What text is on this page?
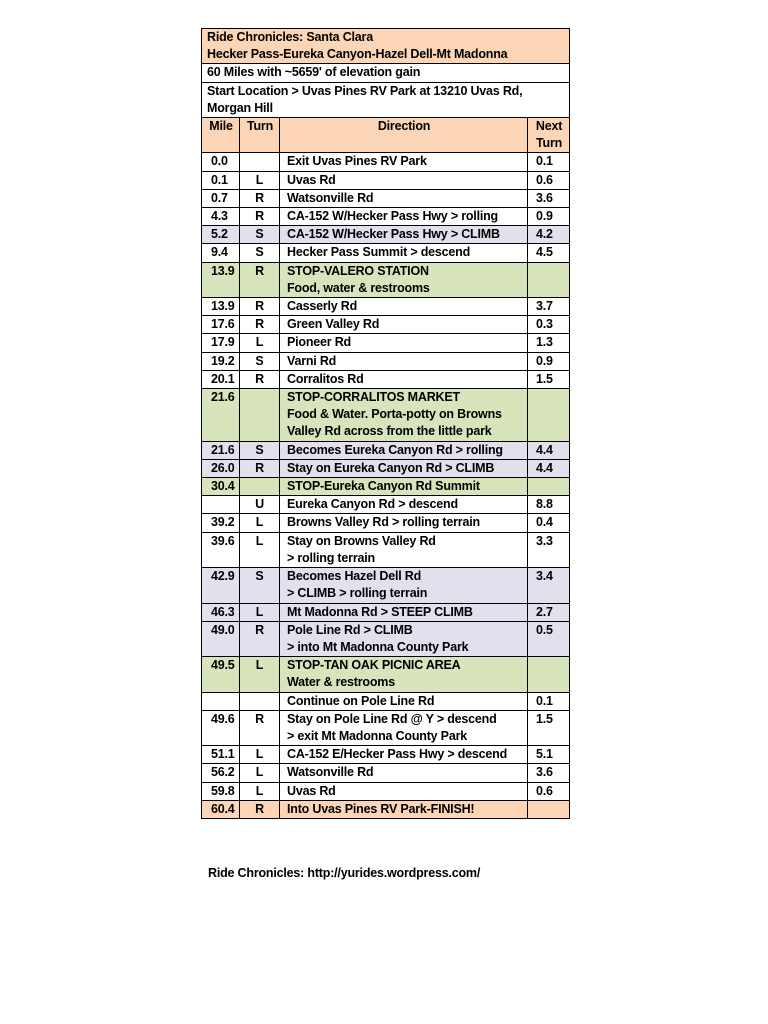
Ride Chronicles: Santa Clara
Hecker Pass-Eureka Canyon-Hazel Dell-Mt Madonna			

60 Miles with ~5659' of elevation gain			

Start Location > Uvas Pines RV Park at 13210 Uvas Rd,
Morgan Hill			

Mile	Turn	Direction	Next
Turn

0.0		Exit Uvas Pines RV Park	0.1
0.1	L	Uvas Rd	0.6
0.7	R	Watsonville Rd	3.6
4.3	R	CA-152 W/Hecker Pass Hwy > rolling	0.9
5.2	S	CA-152 W/Hecker Pass Hwy > CLIMB	4.2
9.4	S	Hecker Pass Summit > descend	4.5
13.9	R	STOP-VALERO STATION
Food, water & restrooms	

13.9	R	Casserly Rd	3.7
17.6	R	Green Valley Rd	0.3
17.9	L	Pioneer Rd	1.3
19.2	S	Varni Rd	0.9
20.1	R	Corralitos Rd	1.5
21.6		STOP-CORRALITOS MARKET
Food & Water. Porta-potty on Browns
Valley Rd across from the little park	

21.6	S	Becomes Eureka Canyon Rd > rolling	4.4
26.0	R	Stay on Eureka Canyon Rd > CLIMB	4.4
30.4		STOP-Eureka Canyon Rd Summit	

	U	Eureka Canyon Rd > descend	8.8
39.2	L	Browns Valley Rd > rolling terrain	0.4
39.6	L	Stay on Browns Valley Rd
> rolling terrain	3.3
42.9	S	Becomes Hazel Dell Rd
> CLIMB > rolling terrain	3.4
46.3	L	Mt Madonna Rd > STEEP CLIMB	2.7
49.0	R	Pole Line Rd > CLIMB
> into Mt Madonna County Park	0.5
49.5	L	STOP-TAN OAK PICNIC AREA
Water & restrooms	

		Continue on Pole Line Rd	0.1
49.6	R	Stay on Pole Line Rd @ Y > descend
> exit Mt Madonna County Park	1.5
51.1	L	CA-152 E/Hecker Pass Hwy > descend	5.1
56.2	L	Watsonville Rd	3.6
59.8	L	Uvas Rd	0.6
60.4	R	Into Uvas Pines RV Park-FINISH!	

Ride Chronicles: http://yurides.wordpress.com/
